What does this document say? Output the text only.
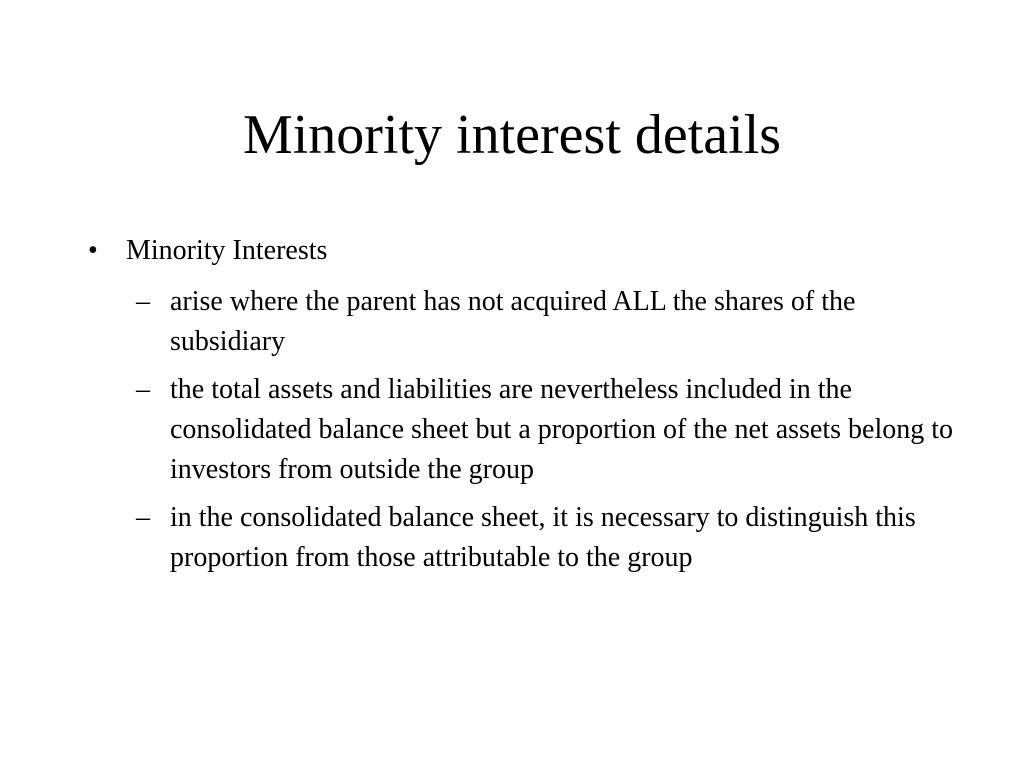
Minority interest details
•	Minority Interests
– arise where the parent has not acquired ALL the shares of the subsidiary
– the total assets and liabilities are nevertheless included in the consolidated balance sheet but a proportion of the net assets belong to investors from outside the group
– in the consolidated balance sheet, it is necessary to distinguish this proportion from those attributable to the group
